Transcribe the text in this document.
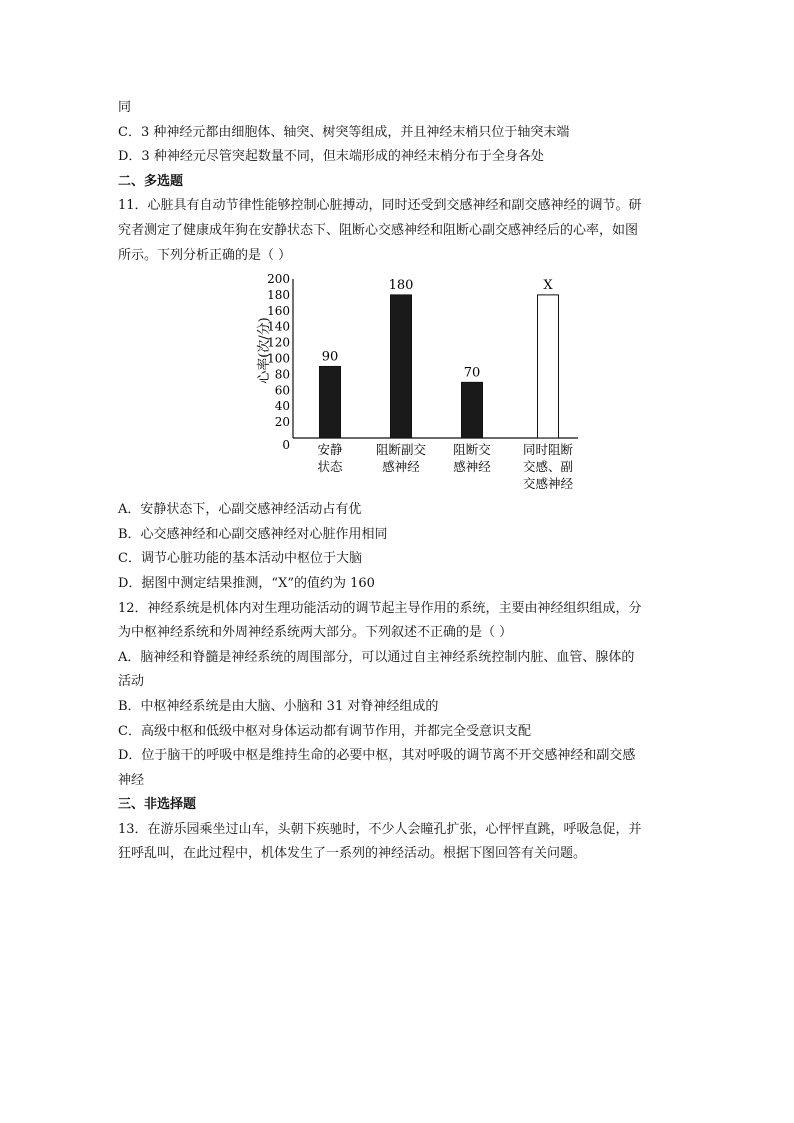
同
C．3 种神经元都由细胞体、轴突、树突等组成，并且神经末梢只位于轴突末端
D．3 种神经元尽管突起数量不同，但末端形成的神经末梢分布于全身各处
二、多选题
11．心脏具有自动节律性能够控制心脏搏动，同时还受到交感神经和副交感神经的调节。研
究者测定了健康成年狗在安静状态下、阻断心交感神经和阻断心副交感神经后的心率，如图
所示。下列分析正确的是（ ）
0
20
40
60
80
100
120
140
160
180
200
心率(次/分)	90
180
70
X
安静
状态
阻断副交
感神经
阻断交
感神经
同时阻断
交感、副
交感神经
A．安静状态下，心副交感神经活动占有优
B．心交感神经和心副交感神经对心脏作用相同
C．调节心脏功能的基本活动中枢位于大脑
D．据图中测定结果推测，“X”的值约为 160
12．神经系统是机体内对生理功能活动的调节起主导作用的系统，主要由神经组织组成，分
为中枢神经系统和外周神经系统两大部分。下列叙述不正确的是（ ）
A．脑神经和脊髓是神经系统的周围部分，可以通过自主神经系统控制内脏、血管、腺体的
活动
B．中枢神经系统是由大脑、小脑和 31 对脊神经组成的
C．高级中枢和低级中枢对身体运动都有调节作用，并都完全受意识支配
D．位于脑干的呼吸中枢是维持生命的必要中枢，其对呼吸的调节离不开交感神经和副交感
神经
三、非选择题
13．在游乐园乘坐过山车，头朝下疾驰时，不少人会瞳孔扩张，心怦怦直跳，呼吸急促，并
狂呼乱叫，在此过程中，机体发生了一系列的神经活动。根据下图回答有关问题。
